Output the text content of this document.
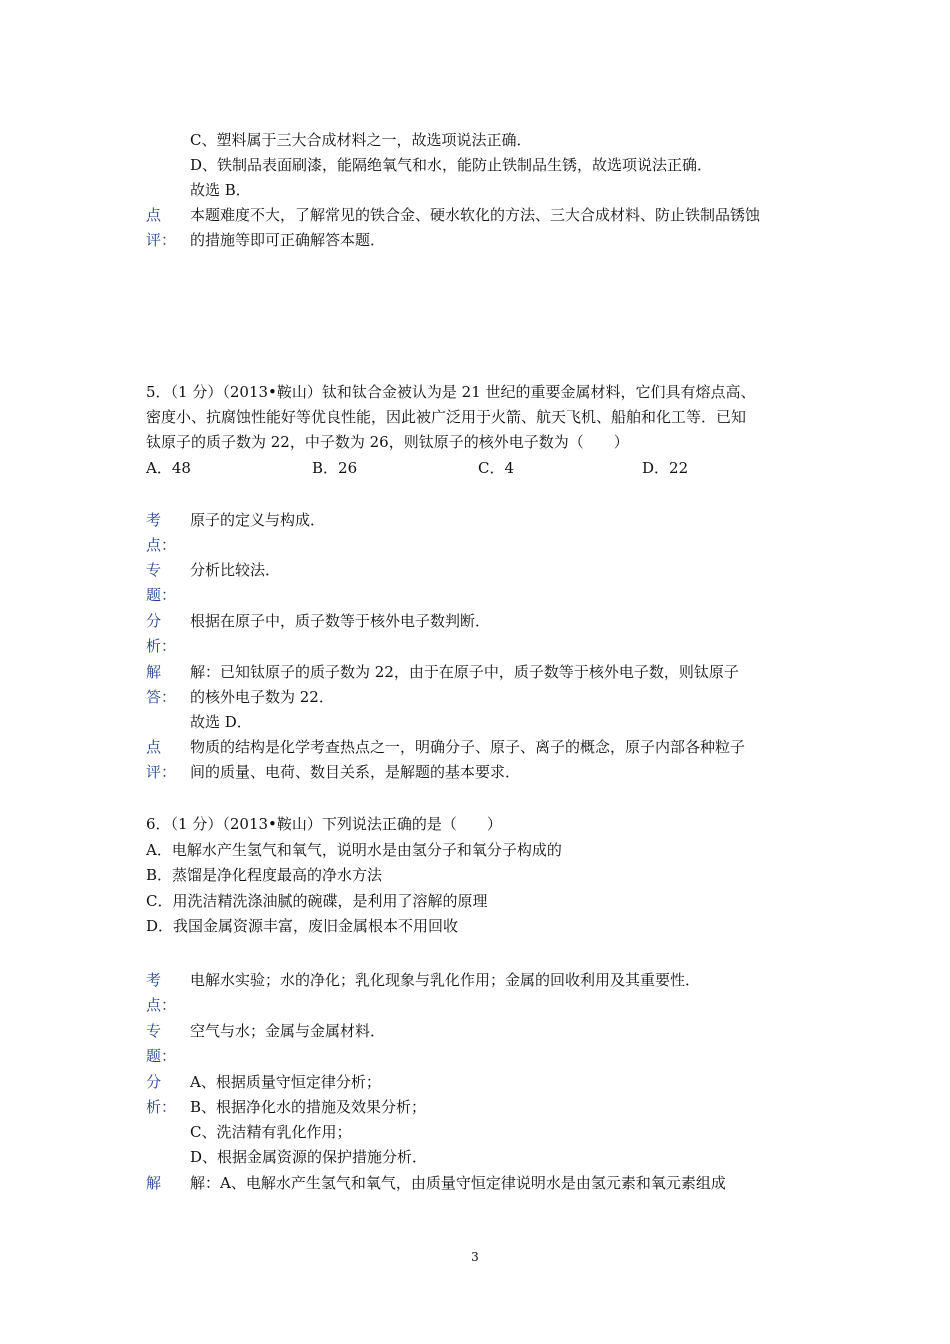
C、塑料属于三大合成材料之一，故选项说法正确．
D、铁制品表面刷漆，能隔绝氧气和水，能防止铁制品生锈，故选项说法正确．
故选 B．
点
评：
本题难度不大，了解常见的铁合金、硬水软化的方法、三大合成材料、防止铁制品锈蚀
的措施等即可正确解答本题．
5．（1 分）（2013•鞍山）钛和钛合金被认为是 21 世纪的重要金属材料，它们具有熔点高、
密度小、抗腐蚀性能好等优良性能，因此被广泛用于火箭、航天飞机、船舶和化工等．已知
钛原子的质子数为 22，中子数为 26，则钛原子的核外电子数为（　　）
A．48	B．26	C．4	D．22
考
点：
原子的定义与构成．
专
题：
分析比较法．
分
析：
根据在原子中，质子数等于核外电子数判断．
解
答：
解：已知钛原子的质子数为 22，由于在原子中，质子数等于核外电子数，则钛原子
的核外电子数为 22．
故选 D．
点
评：
物质的结构是化学考查热点之一，明确分子、原子、离子的概念，原子内部各种粒子
间的质量、电荷、数目关系，是解题的基本要求．
6．（1 分）（2013•鞍山）下列说法正确的是（　　）
A．电解水产生氢气和氧气，说明水是由氢分子和氧分子构成的
B．蒸馏是净化程度最高的净水方法
C．用洗洁精洗涤油腻的碗碟，是利用了溶解的原理
D．我国金属资源丰富，废旧金属根本不用回收
考
点：
电解水实验；水的净化；乳化现象与乳化作用；金属的回收利用及其重要性．
专
题：
空气与水；金属与金属材料．
分
析：
A、根据质量守恒定律分析；
B、根据净化水的措施及效果分析；
C、洗洁精有乳化作用；
D、根据金属资源的保护措施分析．
解 解：A、电解水产生氢气和氧气，由质量守恒定律说明水是由氢元素和氧元素组成
3
